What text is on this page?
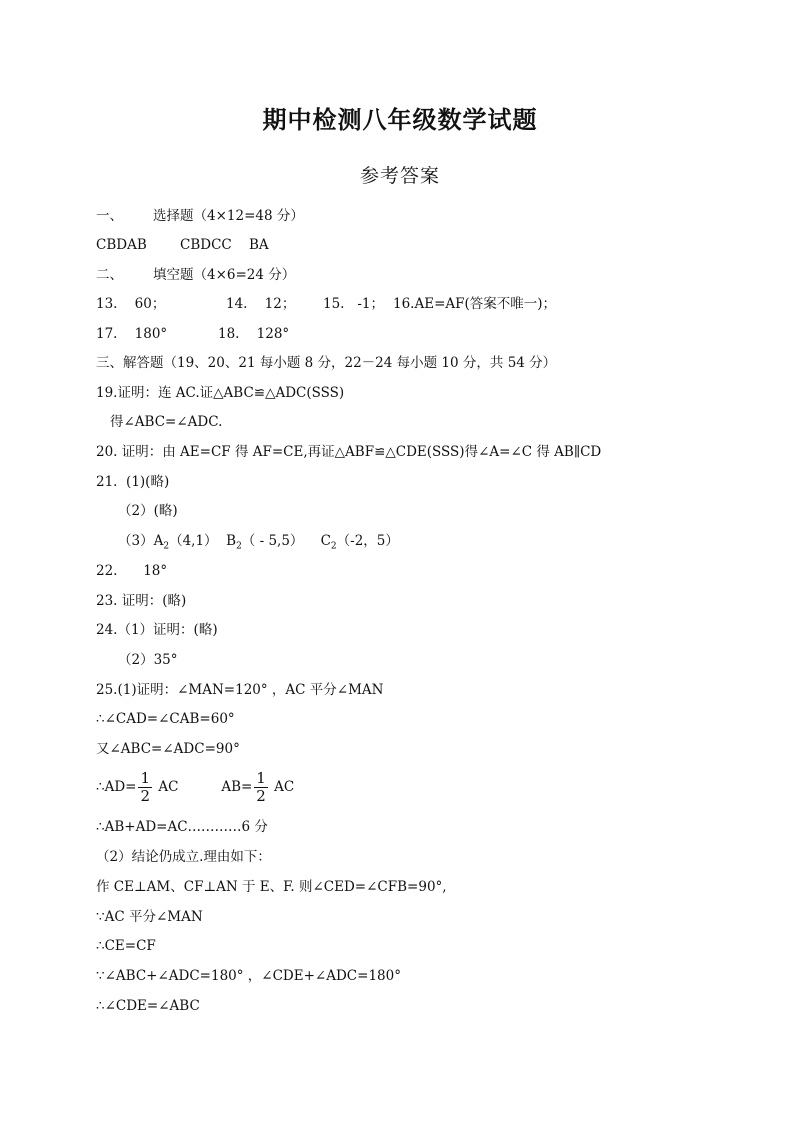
期中检测八年级数学试题
参考答案
一、 选择题（4×12=48 分）
CBDAB CBDCC BA
二、 填空题（4×6=24 分）
13.    60；	14.    12； 15.   -1； 16.AE=AF(答案不唯一)；
17.    180°	18.    128°
三、解答题（19、20、21 每小题 8 分，22－24 每小题 10 分，共 54 分）
19.证明：连 AC.证△ABC≌△ADC(SSS)
得∠ABC=∠ADC.
20. 证明：由 AE=CF 得 AF=CE,再证△ABF≌△CDE(SSS)得∠A=∠C 得 AB∥CD
21.  (1)(略)
（2）(略)
$(3)A_2(4,1)$  $B_2( - 5,5)$    $C_2(-2$，5）
22.      18°
23. 证明：(略)
24.（1）证明：(略)
（2）35°
25.(1)证明：∠MAN=120° ，AC 平分∠MAN
∴∠CAD=∠CAB=60°
又∠ABC=∠ADC=90°
∴AD= $\frac{1}{2}$ AC          $AB= \frac{1}{2}$ AC
∴AB+AD=AC…………6 分
（2）结论仍成立.理由如下：
作 CE⊥AM、CF⊥AN 于 E、F. 则∠CED=∠CFB=90°,
∵AC 平分∠MAN
∴CE=CF
∵∠ABC+∠ADC=180° ，∠CDE+∠ADC=180°
∴∠CDE=∠ABC
